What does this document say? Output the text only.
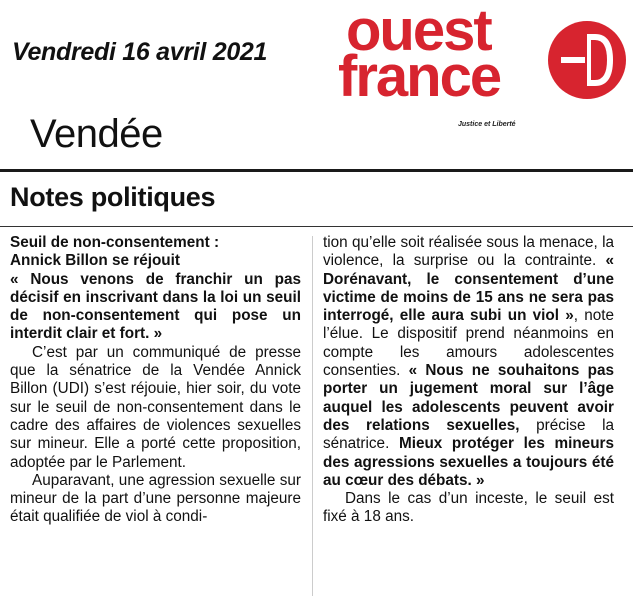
Vendredi 16 avril 2021 ouest
france
Justice et Liberté
Vendée
Notes politiques

Seuil de non-consentement :
Annick Billon se réjouit

« Nous venons de franchir un pas décisif en inscrivant dans la loi un seuil de non-consentement qui pose un interdit clair et fort. »

C’est par un communiqué de presse que la sénatrice de la Vendée Annick Billon (UDI) s’est réjouie, hier soir, du vote sur le seuil de non-consentement dans le cadre des affaires de violences sexuelles sur mineur. Elle a porté cette proposition, adoptée par le Parlement.

Auparavant, une agression sexuelle sur mineur de la part d’une personne majeure était qualifiée de viol à condi-

tion qu’elle soit réalisée sous la menace, la violence, la surprise ou la contrainte. « Dorénavant, le consentement d’une victime de moins de 15 ans ne sera pas interrogé, elle aura subi un viol », note l’élue. Le dispositif prend néanmoins en compte les amours adolescentes consenties. « Nous ne souhaitons pas porter un jugement moral sur l’âge auquel les adolescents peuvent avoir des relations sexuelles, précise la sénatrice. Mieux protéger les mineurs des agressions sexuelles a toujours été au cœur des débats. »

Dans le cas d’un inceste, le seuil est fixé à 18 ans.
